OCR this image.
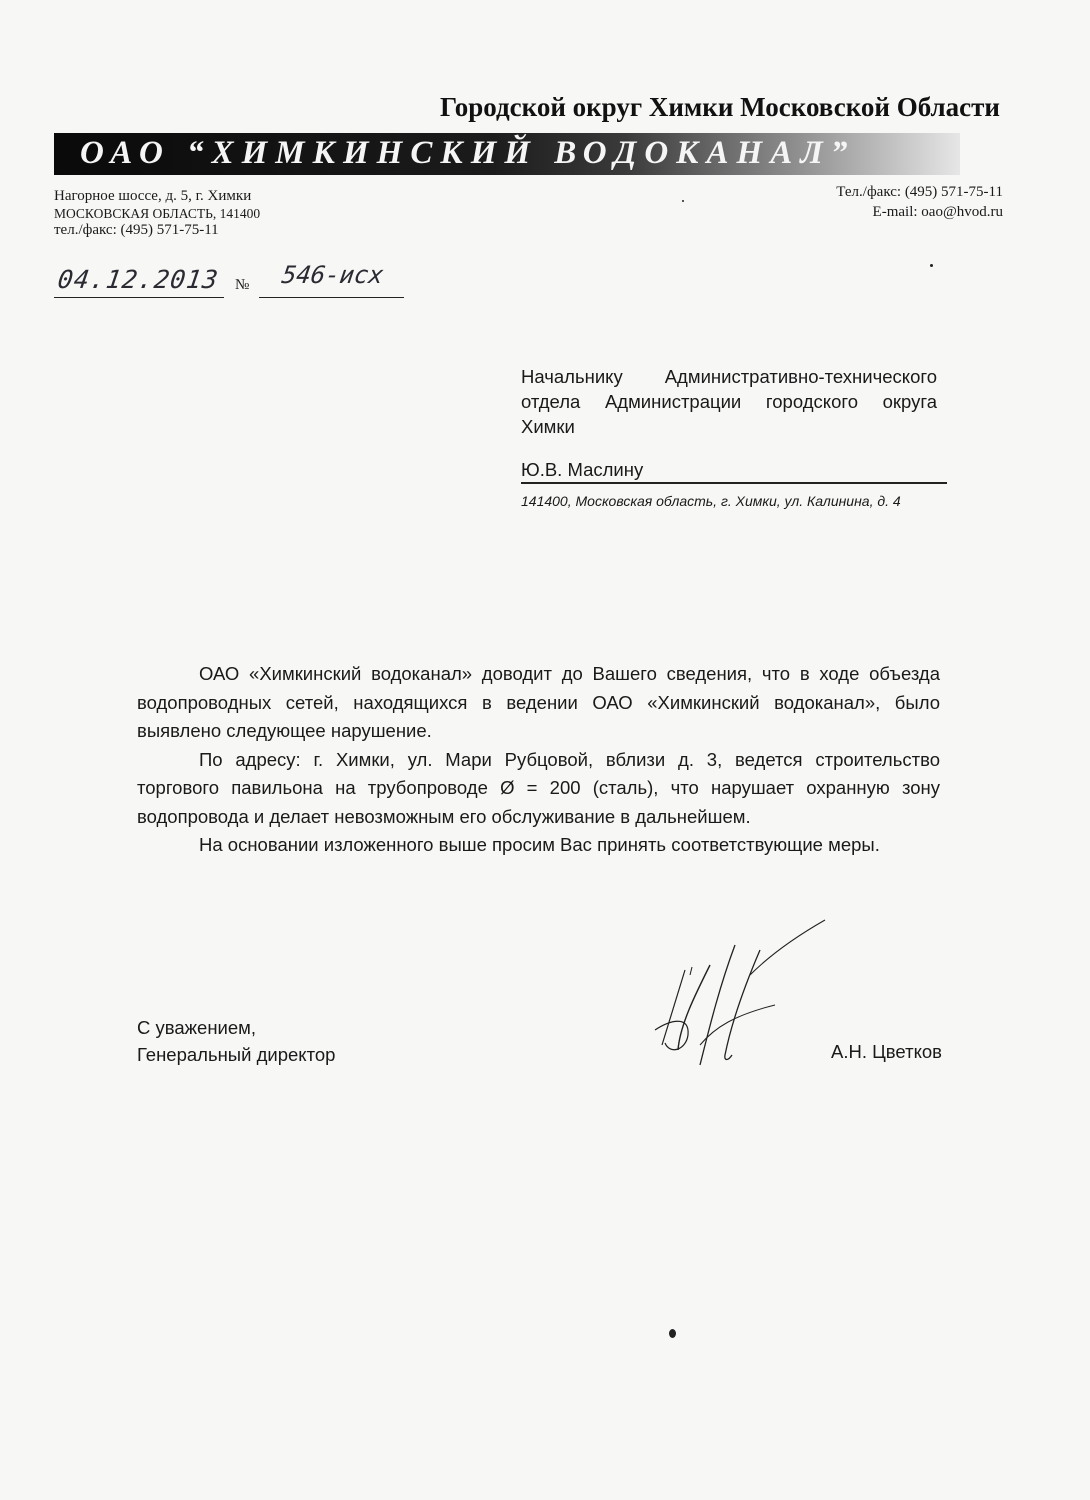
Городской округ Химки Московской Области
ОАО “ХИМКИНСКИЙ ВОДОКАНАЛ”
Нагорное шоссе, д. 5, г. Химки
МОСКОВСКАЯ ОБЛАСТЬ, 141400
тел./факс: (495) 571-75-11
Тел./факс: (495) 571-75-11
E-mail: oao@hvod.ru
04.12.2013 № 546-исх
Начальнику Административно-технического отдела Администрации городского округа Химки
Ю.В. Маслину
141400, Московская область, г. Химки, ул. Калинина, д. 4

ОАО «Химкинский водоканал» доводит до Вашего сведения, что в ходе объезда водопроводных сетей, находящихся в ведении ОАО «Химкинский водоканал», было выявлено следующее нарушение.

По адресу: г. Химки, ул. Мари Рубцовой, вблизи д. 3, ведется строительство торгового павильона на трубопроводе Ø = 200 (сталь), что нарушает охранную зону водопровода и делает невозможным его обслуживание в дальнейшем.

На основании изложенного выше просим Вас принять соответствующие меры.

С уважением,
Генеральный директор	А.Н. Цветков
